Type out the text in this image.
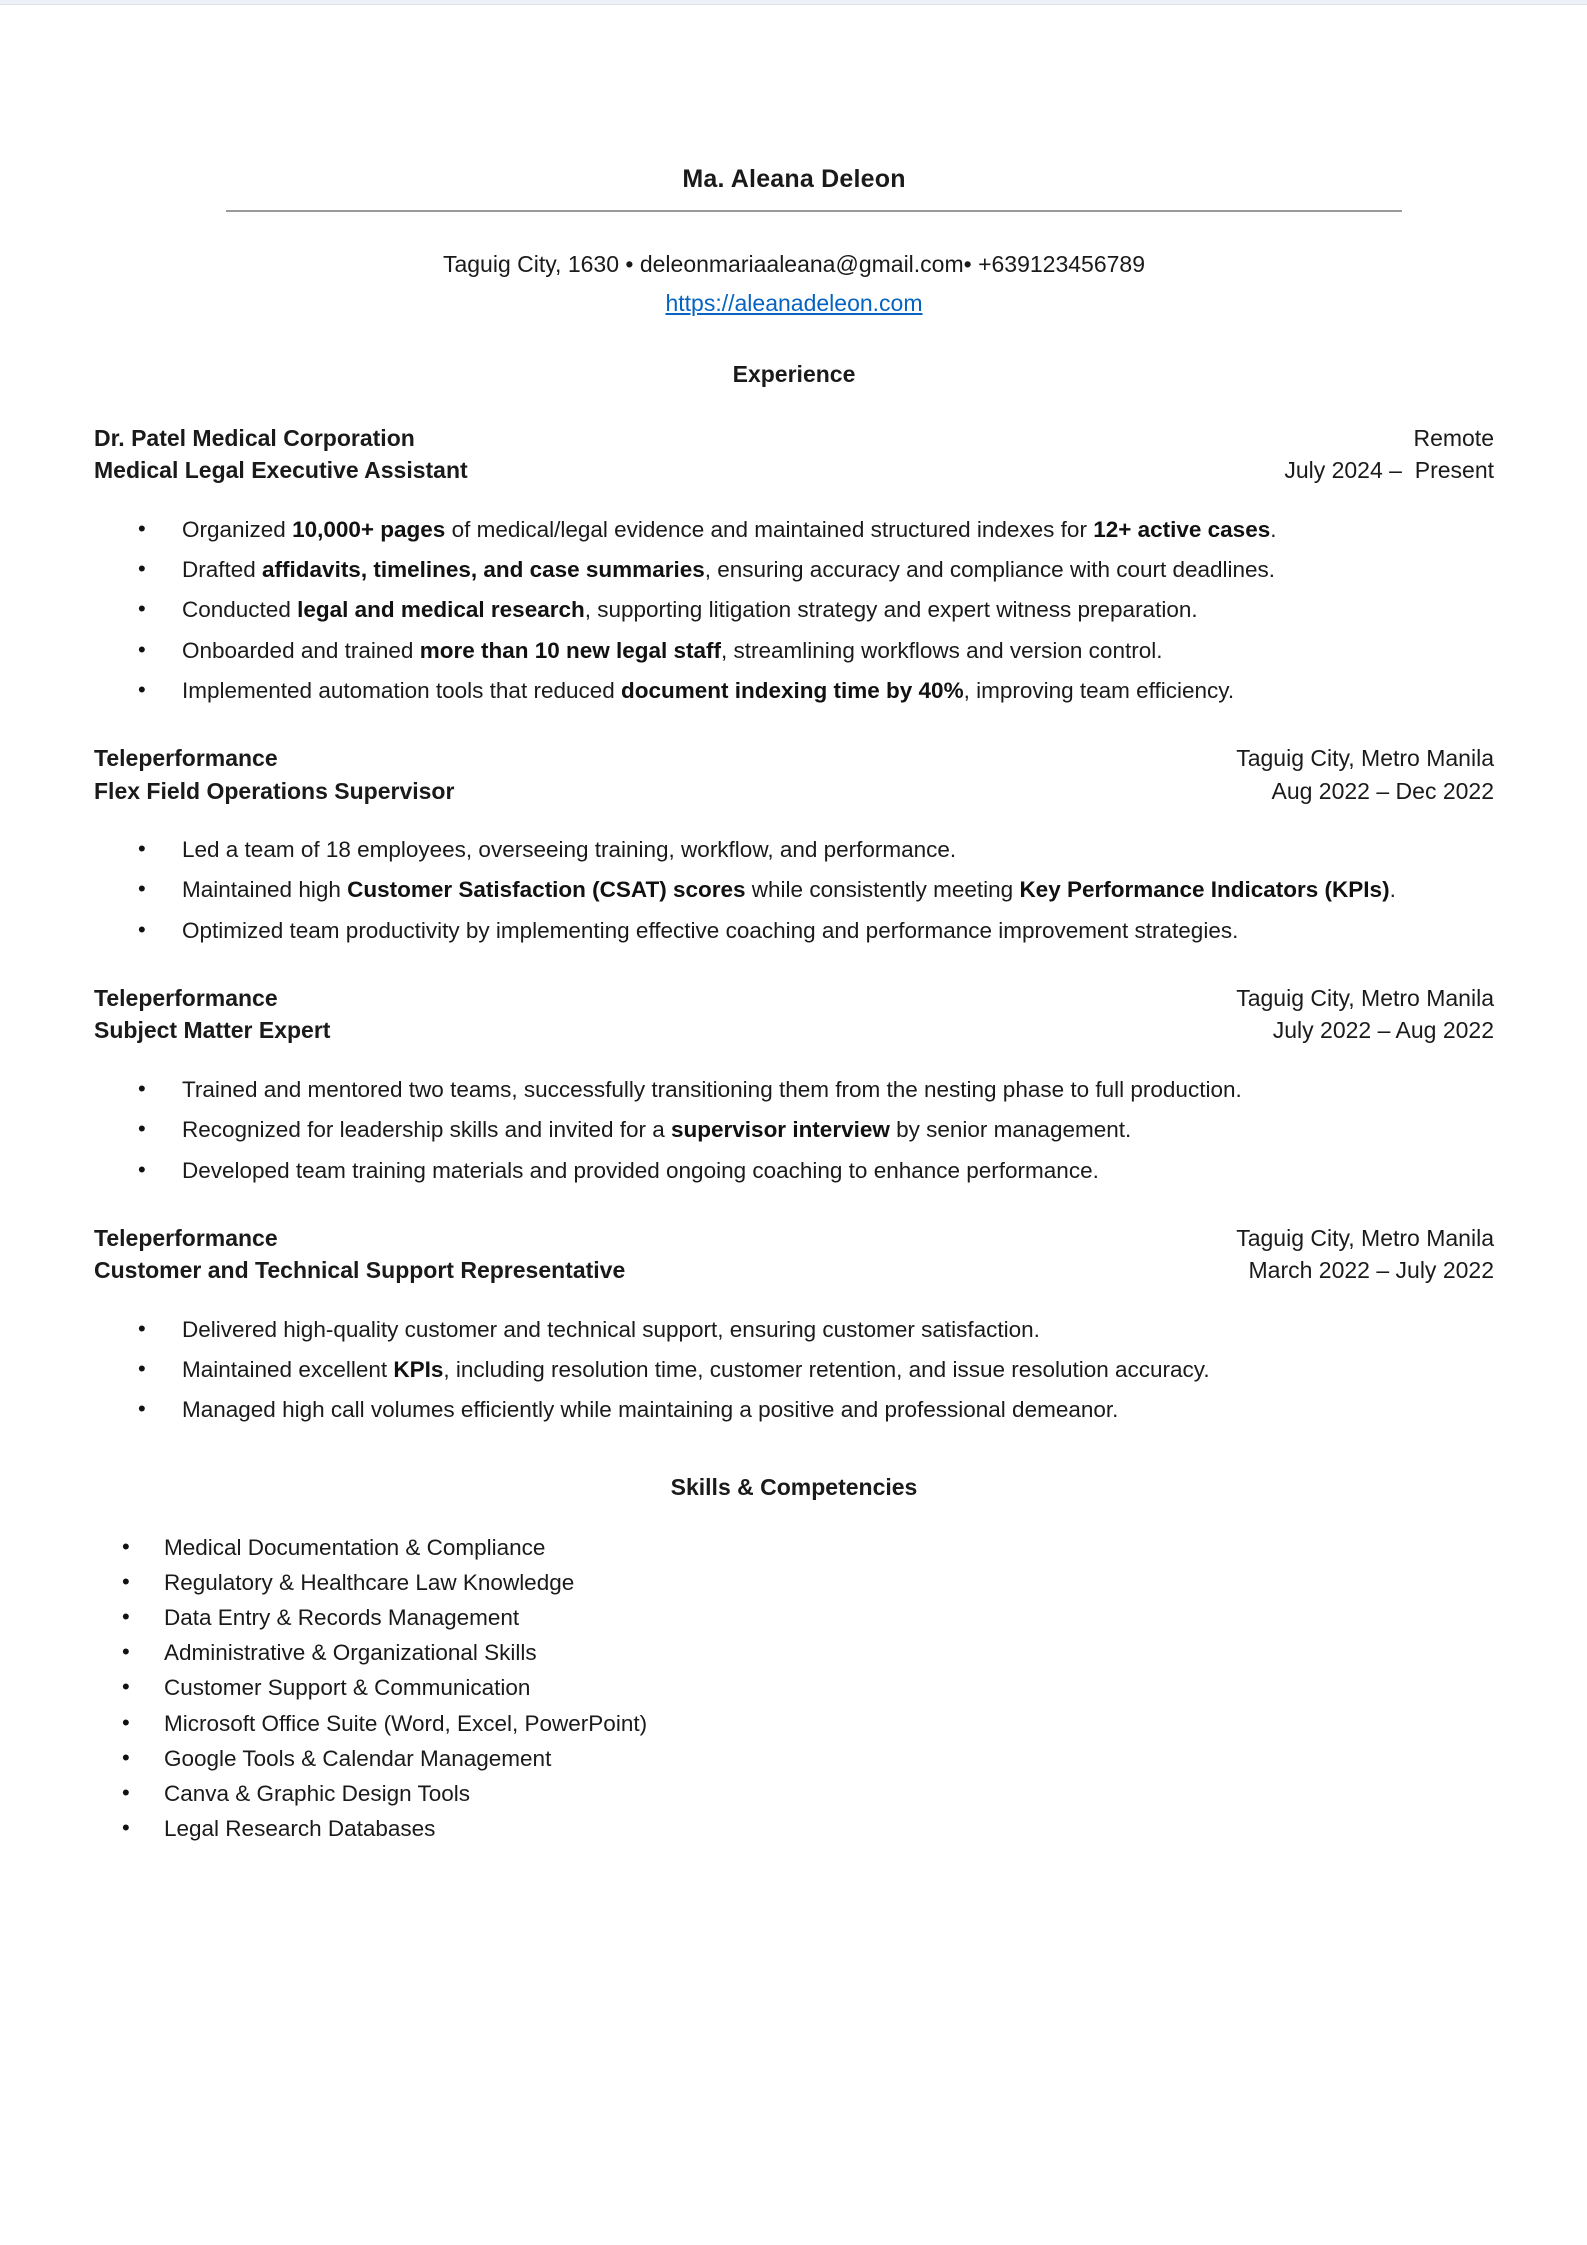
Ma. Aleana Deleon
Taguig City, 1630 • deleonmariaaleana@gmail.com• +639123456789
https://aleanadeleon.com
Experience
Dr. Patel Medical Corporation	Remote
Medical Legal Executive Assistant	July 2024 –  Present
• Organized 10,000+ pages of medical/legal evidence and maintained structured indexes for 12+ active cases.
• Drafted affidavits, timelines, and case summaries, ensuring accuracy and compliance with court deadlines.
• Conducted legal and medical research, supporting litigation strategy and expert witness preparation.
• Onboarded and trained more than 10 new legal staff, streamlining workflows and version control.
• Implemented automation tools that reduced document indexing time by 40%, improving team efficiency.
Teleperformance	Taguig City, Metro Manila
Flex Field Operations Supervisor	Aug 2022 – Dec 2022
• Led a team of 18 employees, overseeing training, workflow, and performance.
• Maintained high Customer Satisfaction (CSAT) scores while consistently meeting Key Performance Indicators (KPIs).
• Optimized team productivity by implementing effective coaching and performance improvement strategies.
Teleperformance	Taguig City, Metro Manila
Subject Matter Expert	July 2022 – Aug 2022
• Trained and mentored two teams, successfully transitioning them from the nesting phase to full production.
• Recognized for leadership skills and invited for a supervisor interview by senior management.
• Developed team training materials and provided ongoing coaching to enhance performance.
Teleperformance	Taguig City, Metro Manila
Customer and Technical Support Representative	March 2022 – July 2022
• Delivered high-quality customer and technical support, ensuring customer satisfaction.
• Maintained excellent KPIs, including resolution time, customer retention, and issue resolution accuracy.
• Managed high call volumes efficiently while maintaining a positive and professional demeanor.
Skills & Competencies
• Medical Documentation & Compliance
• Regulatory & Healthcare Law Knowledge
• Data Entry & Records Management
• Administrative & Organizational Skills
• Customer Support & Communication
• Microsoft Office Suite (Word, Excel, PowerPoint)
• Google Tools & Calendar Management
• Canva & Graphic Design Tools
• Legal Research Databases
